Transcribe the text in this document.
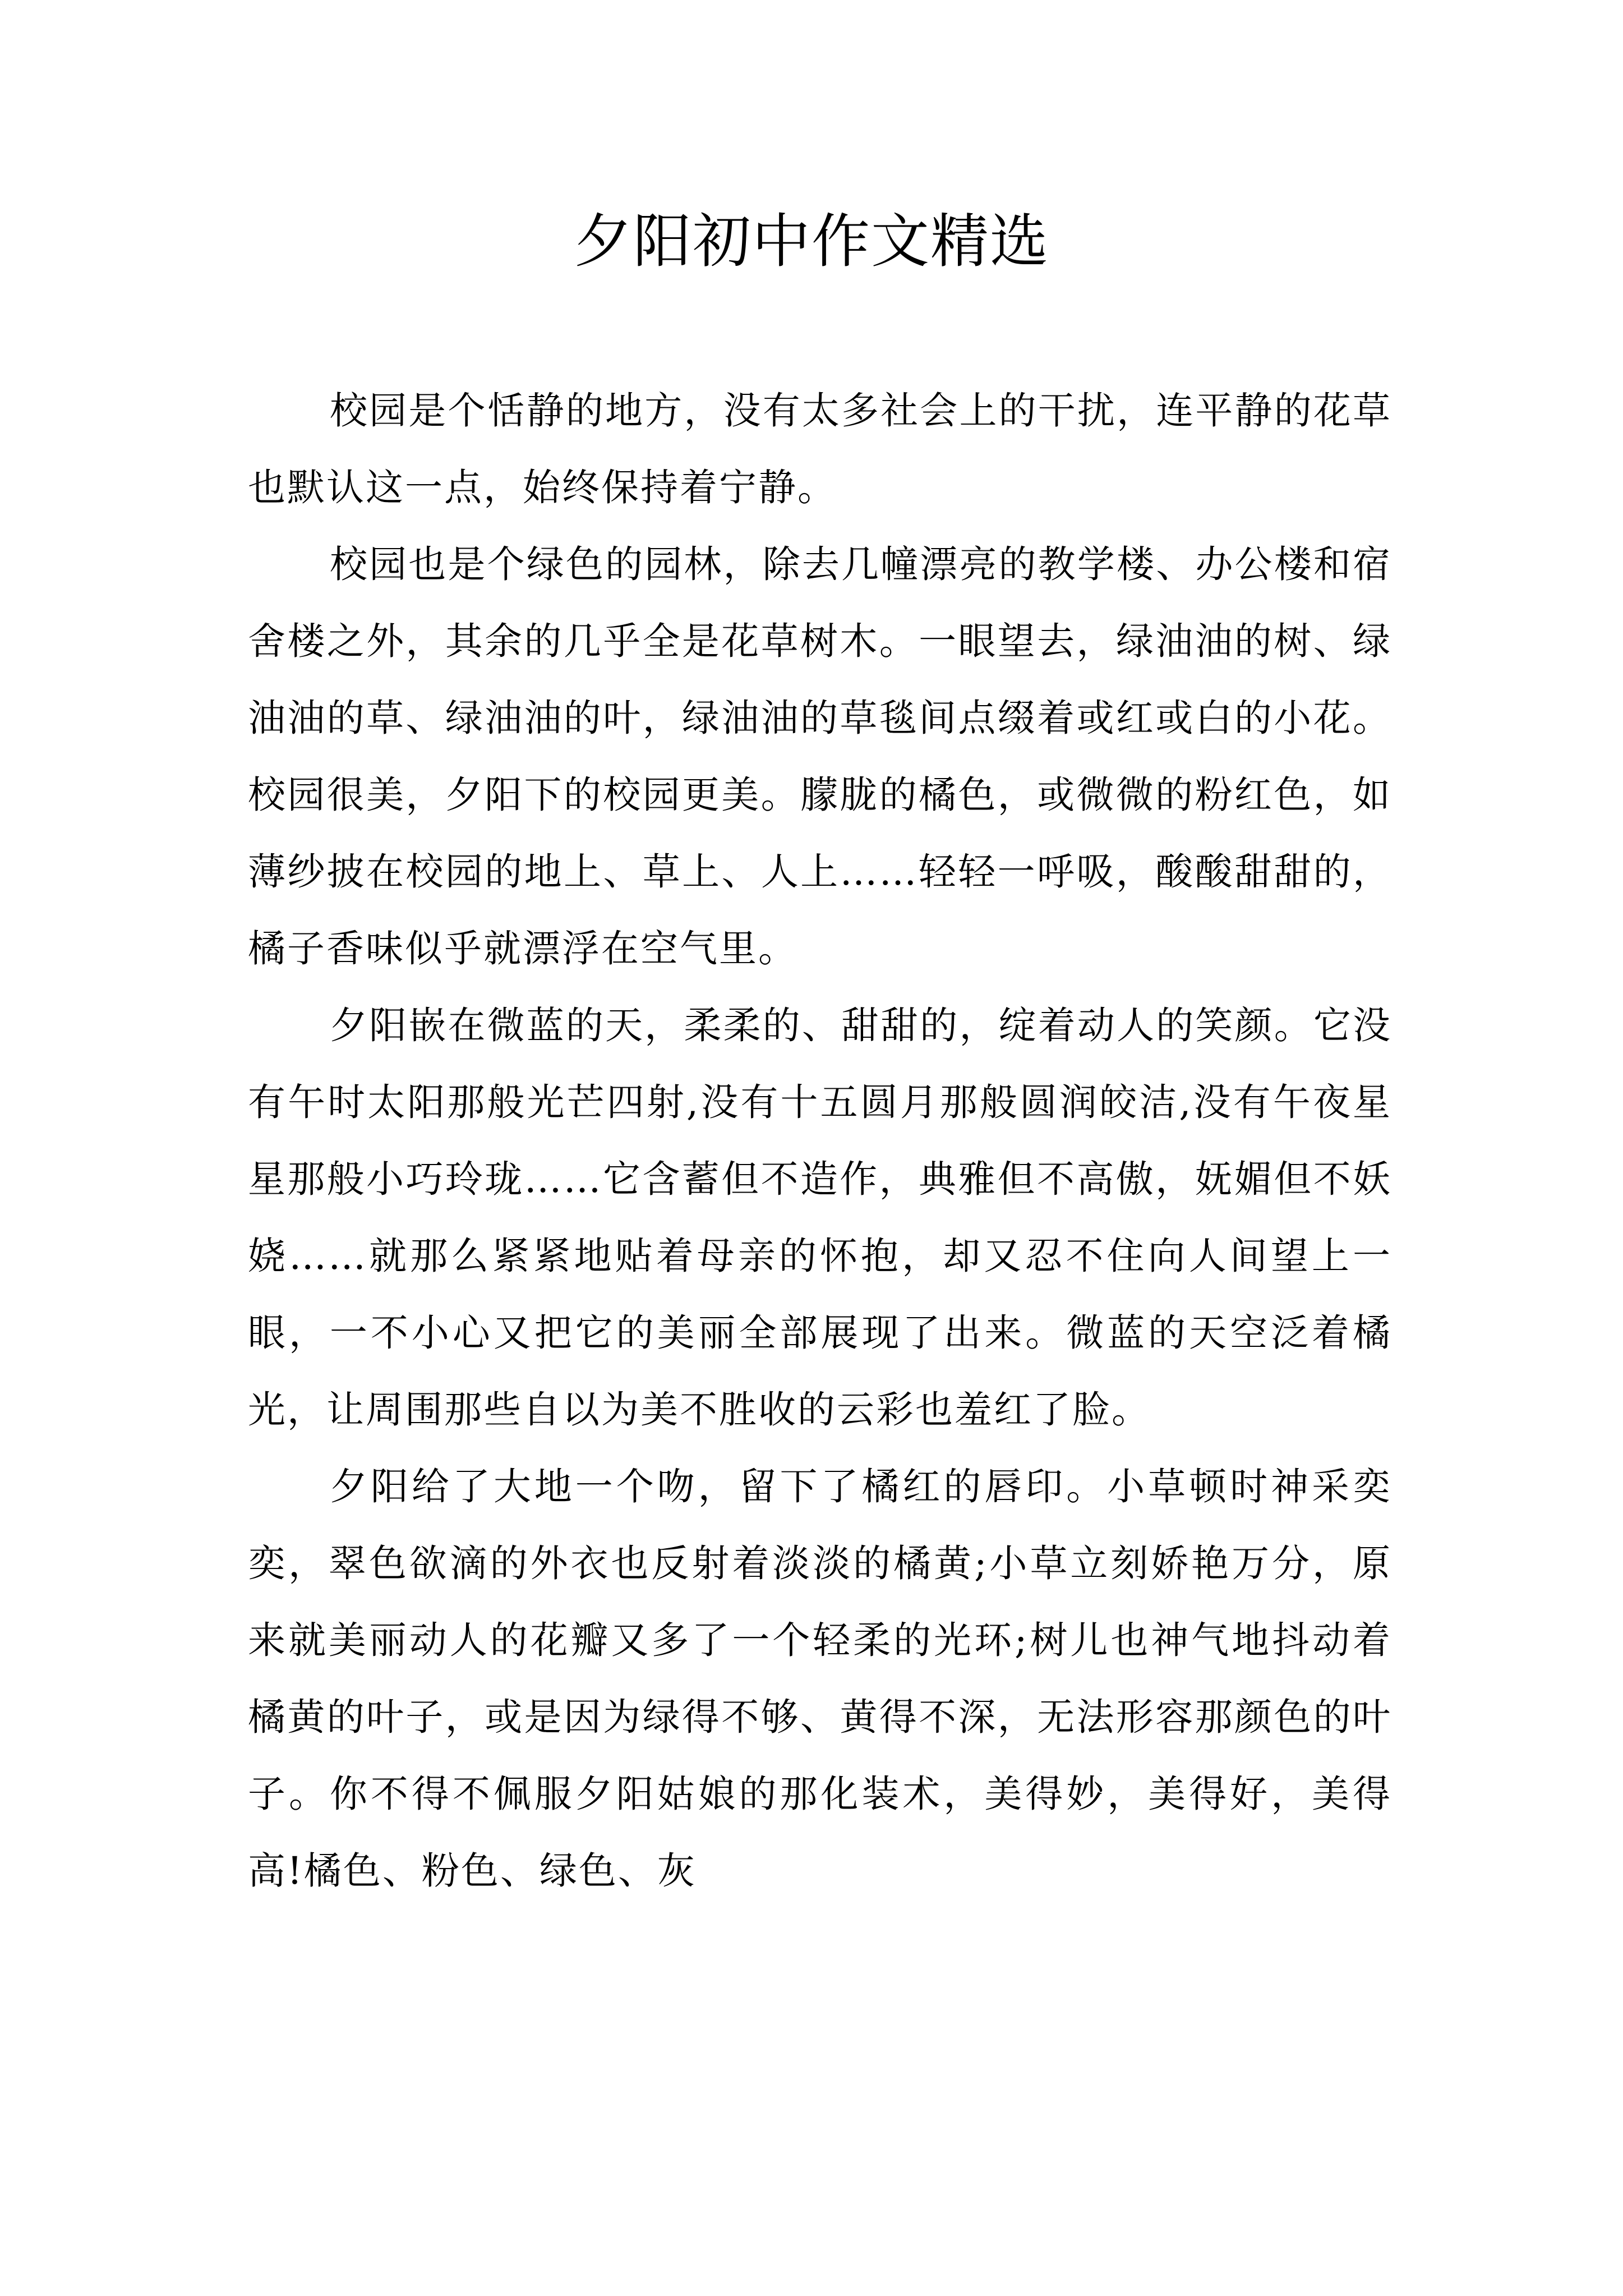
夕阳初中作文精选

校园是个恬静的地方，没有太多社会上的干扰，连平静的花草也默认这一点，始终保持着宁静。

校园也是个绿色的园林，除去几幢漂亮的教学楼、办公楼和宿舍楼之外，其余的几乎全是花草树木。一眼望去，绿油油的树、绿油油的草、绿油油的叶，绿油油的草毯间点缀着或红或白的小花。校园很美，夕阳下的校园更美。朦胧的橘色，或微微的粉红色，如薄纱披在校园的地上、草上、人上……轻轻一呼吸，酸酸甜甜的，橘子香味似乎就漂浮在空气里。

夕阳嵌在微蓝的天，柔柔的、甜甜的，绽着动人的笑颜。它没有午时太阳那般光芒四射,没有十五圆月那般圆润皎洁,没有午夜星星那般小巧玲珑……它含蓄但不造作，典雅但不高傲，妩媚但不妖娆……就那么紧紧地贴着母亲的怀抱，却又忍不住向人间望上一眼，一不小心又把它的美丽全部展现了出来。微蓝的天空泛着橘光，让周围那些自以为美不胜收的云彩也羞红了脸。

夕阳给了大地一个吻，留下了橘红的唇印。小草顿时神采奕奕，翠色欲滴的外衣也反射着淡淡的橘黄;小草立刻娇艳万分，原来就美丽动人的花瓣又多了一个轻柔的光环;树儿也神气地抖动着橘黄的叶子，或是因为绿得不够、黄得不深，无法形容那颜色的叶子。你不得不佩服夕阳姑娘的那化装术，美得妙，美得好，美得高!橘色、粉色、绿色、灰
